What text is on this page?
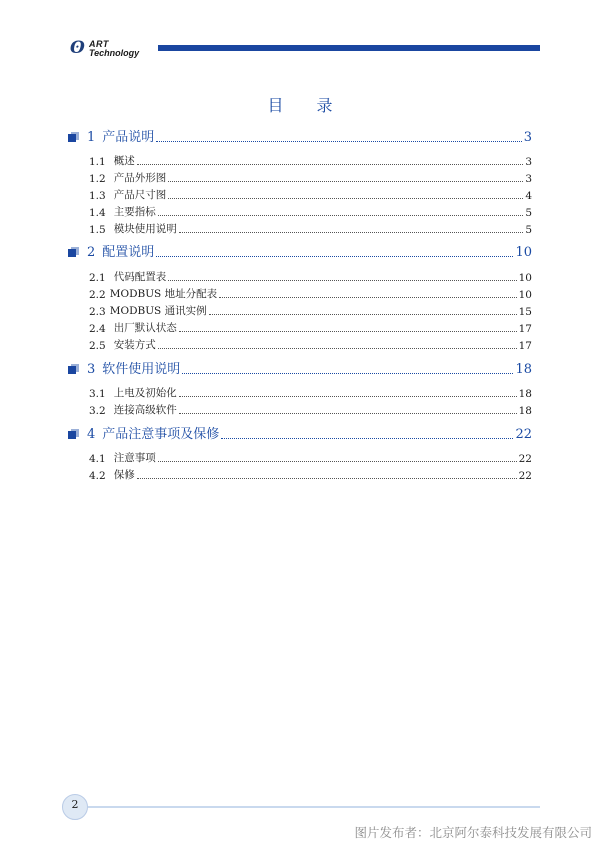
ʘ ART
Technology
目 录
1 产品说明	3
1.1 概述	3
1.2 产品外形图	3
1.3 产品尺寸图	4
1.4 主要指标	5
1.5 模块使用说明	5
2 配置说明	10
2.1 代码配置表	10
2.2 MODBUS 地址分配表	10
2.3 MODBUS 通讯实例	15
2.4 出厂默认状态	17
2.5 安装方式	17
3 软件使用说明	18
3.1 上电及初始化	18
3.2 连接高级软件	18
4 产品注意事项及保修	22
4.1 注意事项	22
4.2 保修	22
2
图片发布者：北京阿尔泰科技发展有限公司
